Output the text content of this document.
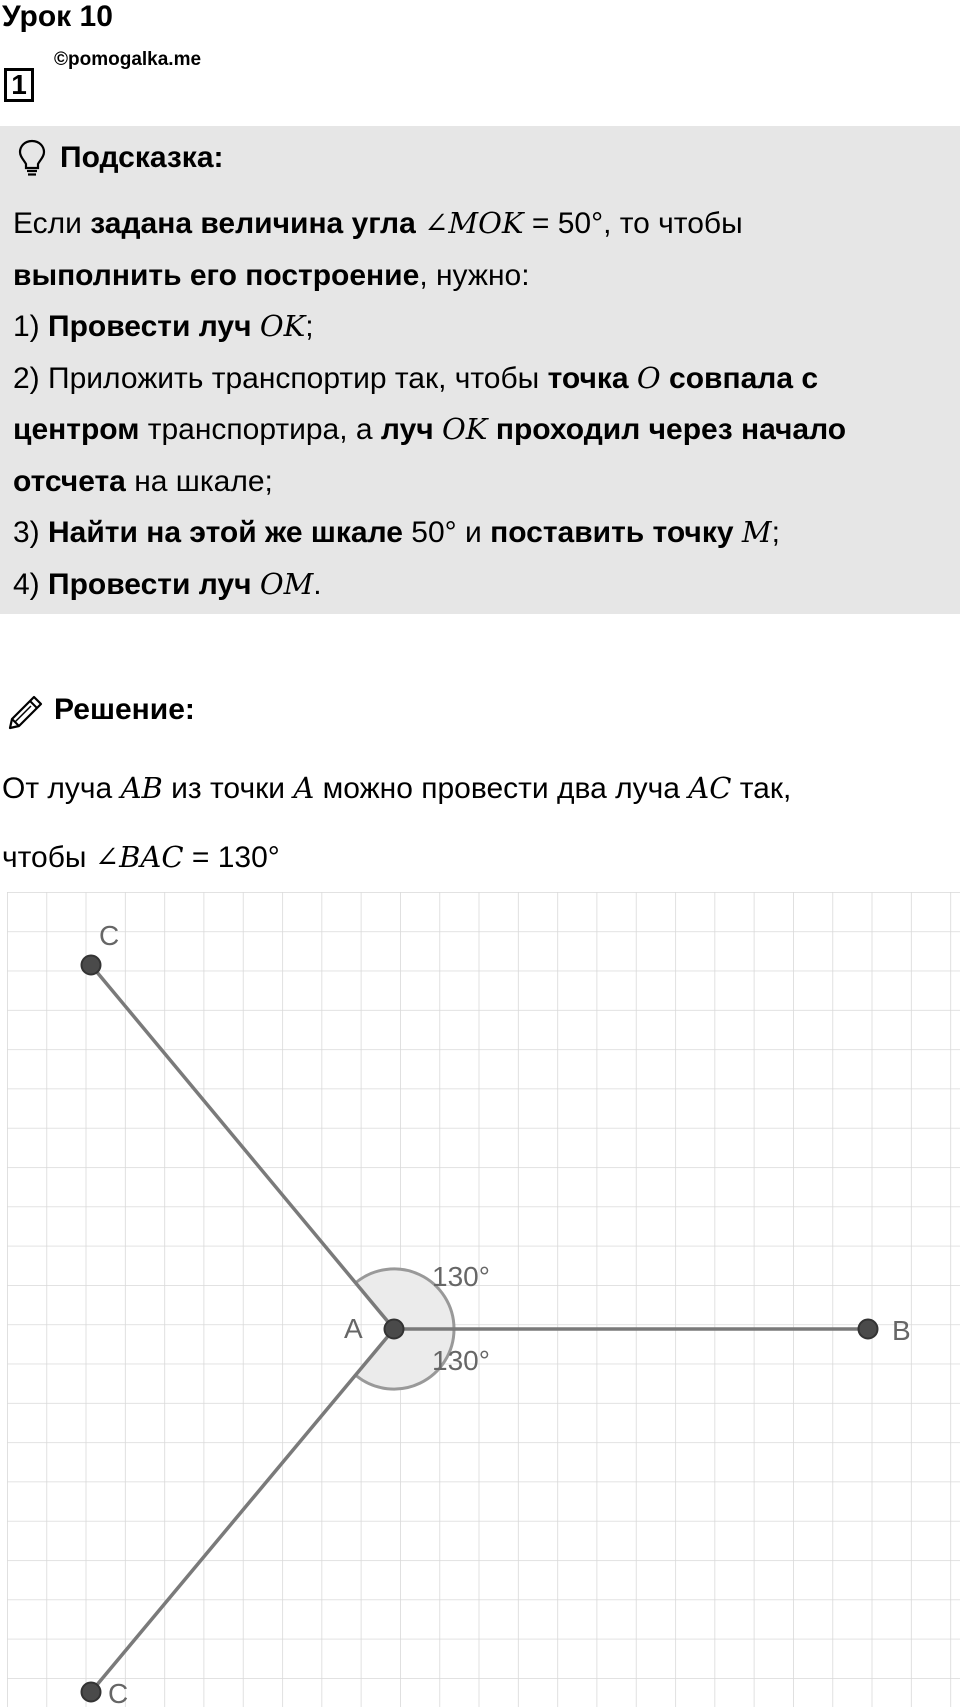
Урок 10
1
©pomogalka.me
Подсказка:

Если задана величина угла ∠MOK = 50°, то чтобы

выполнить его построение, нужно:

1) Провести луч OK;

2) Приложить транспортир так, чтобы точка O совпала с

центром транспортира, а луч OK проходил через начало

отсчета на шкале;

3) Найти на этой же шкале 50° и поставить точку M;

4) Провести луч OM.

Решение:

От луча AB из точки A можно провести два луча AC так,

чтобы ∠BAC = 130°

A	B
C
C
130°
130°
